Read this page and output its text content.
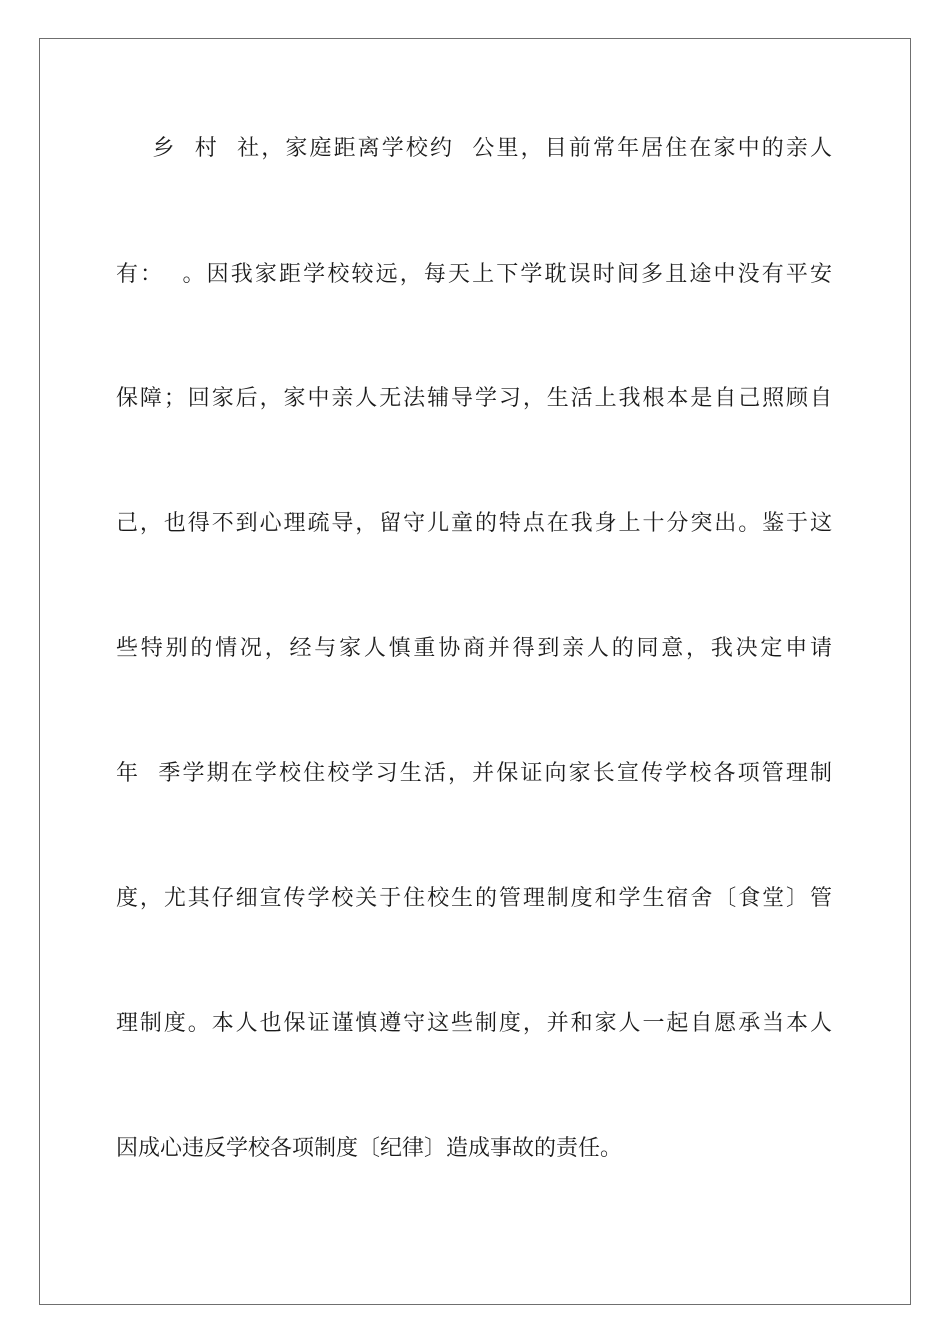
乡  村  社，家庭距离学校约  公里，目前常年居住在家中的亲人
有：  。因我家距学校较远，每天上下学耽误时间多且途中没有平安
保障；回家后，家中亲人无法辅导学习，生活上我根本是自己照顾自
己，也得不到心理疏导，留守儿童的特点在我身上十分突出。鉴于这
些特别的情况，经与家人慎重协商并得到亲人的同意，我决定申请
年  季学期在学校住校学习生活，并保证向家长宣传学校各项管理制
度，尤其仔细宣传学校关于住校生的管理制度和学生宿舍〔食堂〕管
理制度。本人也保证谨慎遵守这些制度，并和家人一起自愿承当本人
因成心违反学校各项制度〔纪律〕造成事故的责任。
